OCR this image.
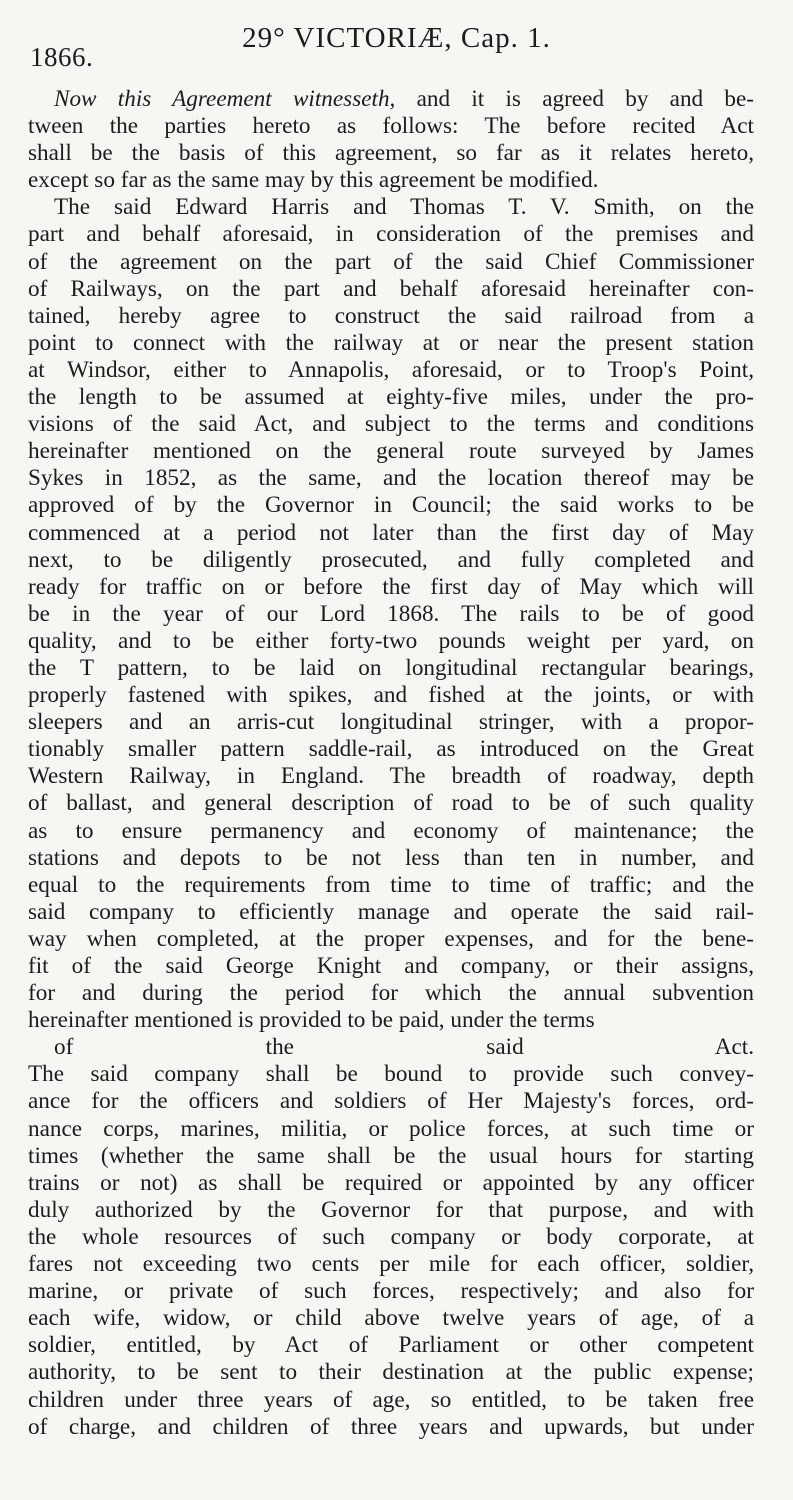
1866.
29° VICTORIÆ, Cap. 1.
Now this Agreement witnesseth, and it is agreed by and be-
tween the parties hereto as follows: The before recited Act
shall be the basis of this agreement, so far as it relates hereto,
except so far as the same may by this agreement be modified.
The said Edward Harris and Thomas T. V. Smith, on the
part and behalf aforesaid, in consideration of the premises and
of the agreement on the part of the said Chief Commissioner
of Railways, on the part and behalf aforesaid hereinafter con-
tained, hereby agree to construct the said railroad from a
point to connect with the railway at or near the present station
at Windsor, either to Annapolis, aforesaid, or to Troop's Point,
the length to be assumed at eighty-five miles, under the pro-
visions of the said Act, and subject to the terms and conditions
hereinafter mentioned on the general route surveyed by James
Sykes in 1852, as the same, and the location thereof may be
approved of by the Governor in Council; the said works to be
commenced at a period not later than the first day of May
next, to be diligently prosecuted, and fully completed and
ready for traffic on or before the first day of May which will
be in the year of our Lord 1868. The rails to be of good
quality, and to be either forty-two pounds weight per yard, on
the T pattern, to be laid on longitudinal rectangular bearings,
properly fastened with spikes, and fished at the joints, or with
sleepers and an arris-cut longitudinal stringer, with a propor-
tionably smaller pattern saddle-rail, as introduced on the Great
Western Railway, in England. The breadth of roadway, depth
of ballast, and general description of road to be of such quality
as to ensure permanency and economy of maintenance; the
stations and depots to be not less than ten in number, and
equal to the requirements from time to time of traffic; and the
said company to efficiently manage and operate the said rail-
way when completed, at the proper expenses, and for the bene-
fit of the said George Knight and company, or their assigns,
for and during the period for which the annual subvention
hereinafter mentioned is provided to be paid, under the terms
of the said Act.
The said company shall be bound to provide such convey-
ance for the officers and soldiers of Her Majesty's forces, ord-
nance corps, marines, militia, or police forces, at such time or
times (whether the same shall be the usual hours for starting
trains or not) as shall be required or appointed by any officer
duly authorized by the Governor for that purpose, and with
the whole resources of such company or body corporate, at
fares not exceeding two cents per mile for each officer, soldier,
marine, or private of such forces, respectively; and also for
each wife, widow, or child above twelve years of age, of a
soldier, entitled, by Act of Parliament or other competent
authority, to be sent to their destination at the public expense;
children under three years of age, so entitled, to be taken free
of charge, and children of three years and upwards, but under
